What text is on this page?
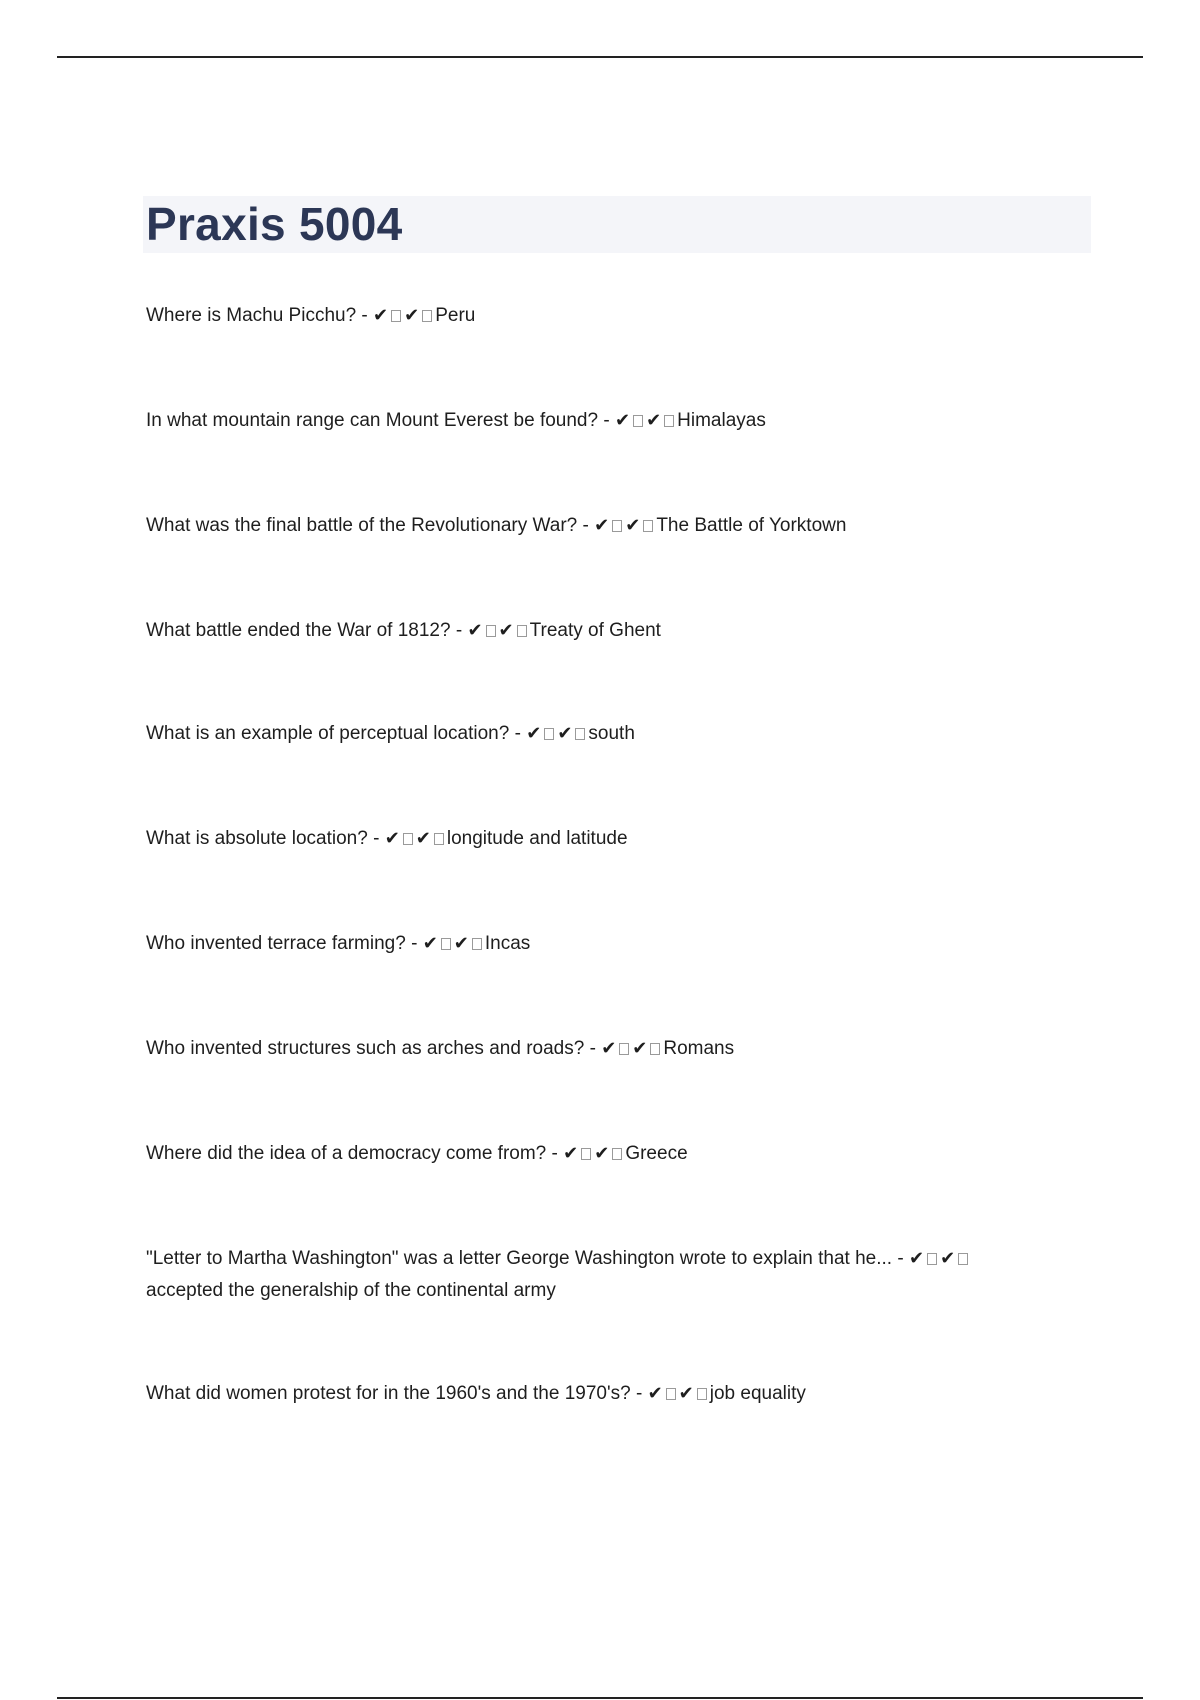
Praxis 5004

Where is Machu Picchu? - ✔ ✔ Peru

In what mountain range can Mount Everest be found? - ✔ ✔ Himalayas

What was the final battle of the Revolutionary War? - ✔ ✔ The Battle of Yorktown

What battle ended the War of 1812? - ✔ ✔ Treaty of Ghent

What is an example of perceptual location? - ✔ ✔ south

What is absolute location? - ✔ ✔ longitude and latitude

Who invented terrace farming? - ✔ ✔ Incas

Who invented structures such as arches and roads? - ✔ ✔ Romans

Where did the idea of a democracy come from? - ✔ ✔ Greece

"Letter to Martha Washington" was a letter George Washington wrote to explain that he... - ✔ ✔accepted the generalship of the continental army

What did women protest for in the 1960's and the 1970's? - ✔ ✔ job equality
